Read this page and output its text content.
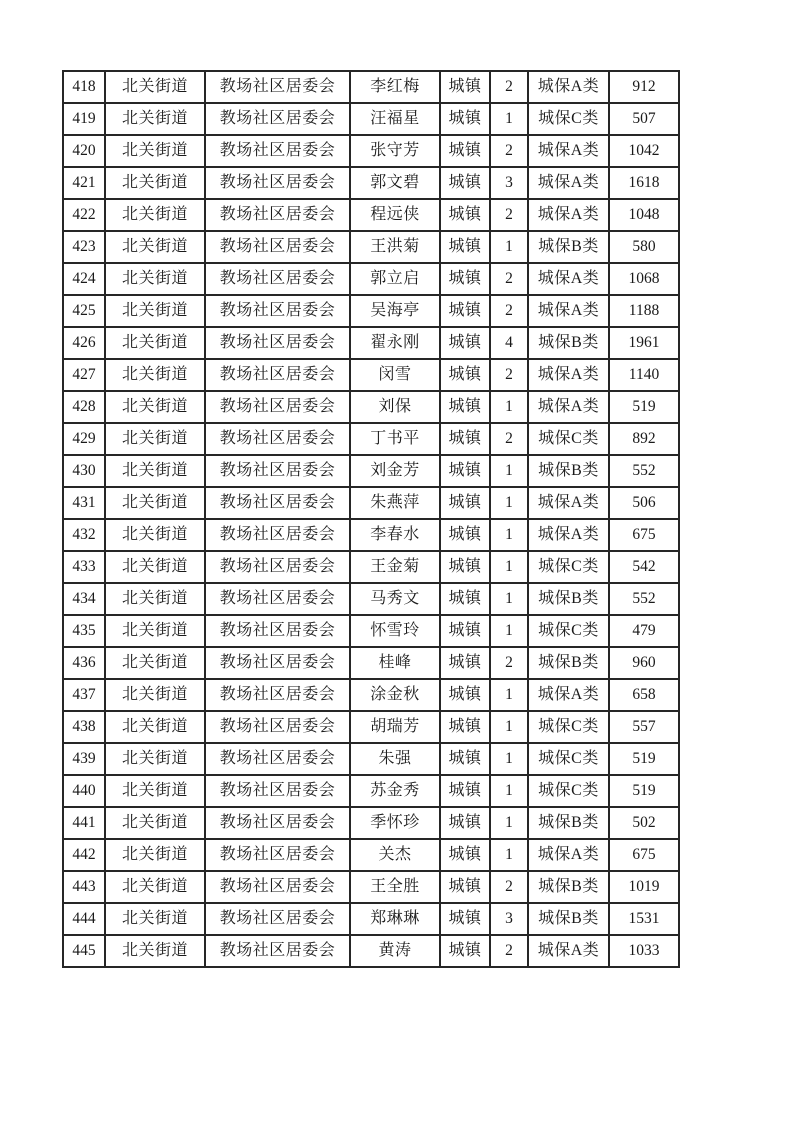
418	北关街道	教场社区居委会	李红梅	城镇	2	城保A类	912
419	北关街道	教场社区居委会	汪福星	城镇	1	城保C类	507
420	北关街道	教场社区居委会	张守芳	城镇	2	城保A类	1042
421	北关街道	教场社区居委会	郭文碧	城镇	3	城保A类	1618
422	北关街道	教场社区居委会	程远侠	城镇	2	城保A类	1048
423	北关街道	教场社区居委会	王洪菊	城镇	1	城保B类	580
424	北关街道	教场社区居委会	郭立启	城镇	2	城保A类	1068
425	北关街道	教场社区居委会	吴海亭	城镇	2	城保A类	1188
426	北关街道	教场社区居委会	翟永刚	城镇	4	城保B类	1961
427	北关街道	教场社区居委会	闵雪	城镇	2	城保A类	1140
428	北关街道	教场社区居委会	刘保	城镇	1	城保A类	519
429	北关街道	教场社区居委会	丁书平	城镇	2	城保C类	892
430	北关街道	教场社区居委会	刘金芳	城镇	1	城保B类	552
431	北关街道	教场社区居委会	朱燕萍	城镇	1	城保A类	506
432	北关街道	教场社区居委会	李春水	城镇	1	城保A类	675
433	北关街道	教场社区居委会	王金菊	城镇	1	城保C类	542
434	北关街道	教场社区居委会	马秀文	城镇	1	城保B类	552
435	北关街道	教场社区居委会	怀雪玲	城镇	1	城保C类	479
436	北关街道	教场社区居委会	桂峰	城镇	2	城保B类	960
437	北关街道	教场社区居委会	涂金秋	城镇	1	城保A类	658
438	北关街道	教场社区居委会	胡瑞芳	城镇	1	城保C类	557
439	北关街道	教场社区居委会	朱强	城镇	1	城保C类	519
440	北关街道	教场社区居委会	苏金秀	城镇	1	城保C类	519
441	北关街道	教场社区居委会	季怀珍	城镇	1	城保B类	502
442	北关街道	教场社区居委会	关杰	城镇	1	城保A类	675
443	北关街道	教场社区居委会	王全胜	城镇	2	城保B类	1019
444	北关街道	教场社区居委会	郑琳琳	城镇	3	城保B类	1531
445	北关街道	教场社区居委会	黄涛	城镇	2	城保A类	1033
